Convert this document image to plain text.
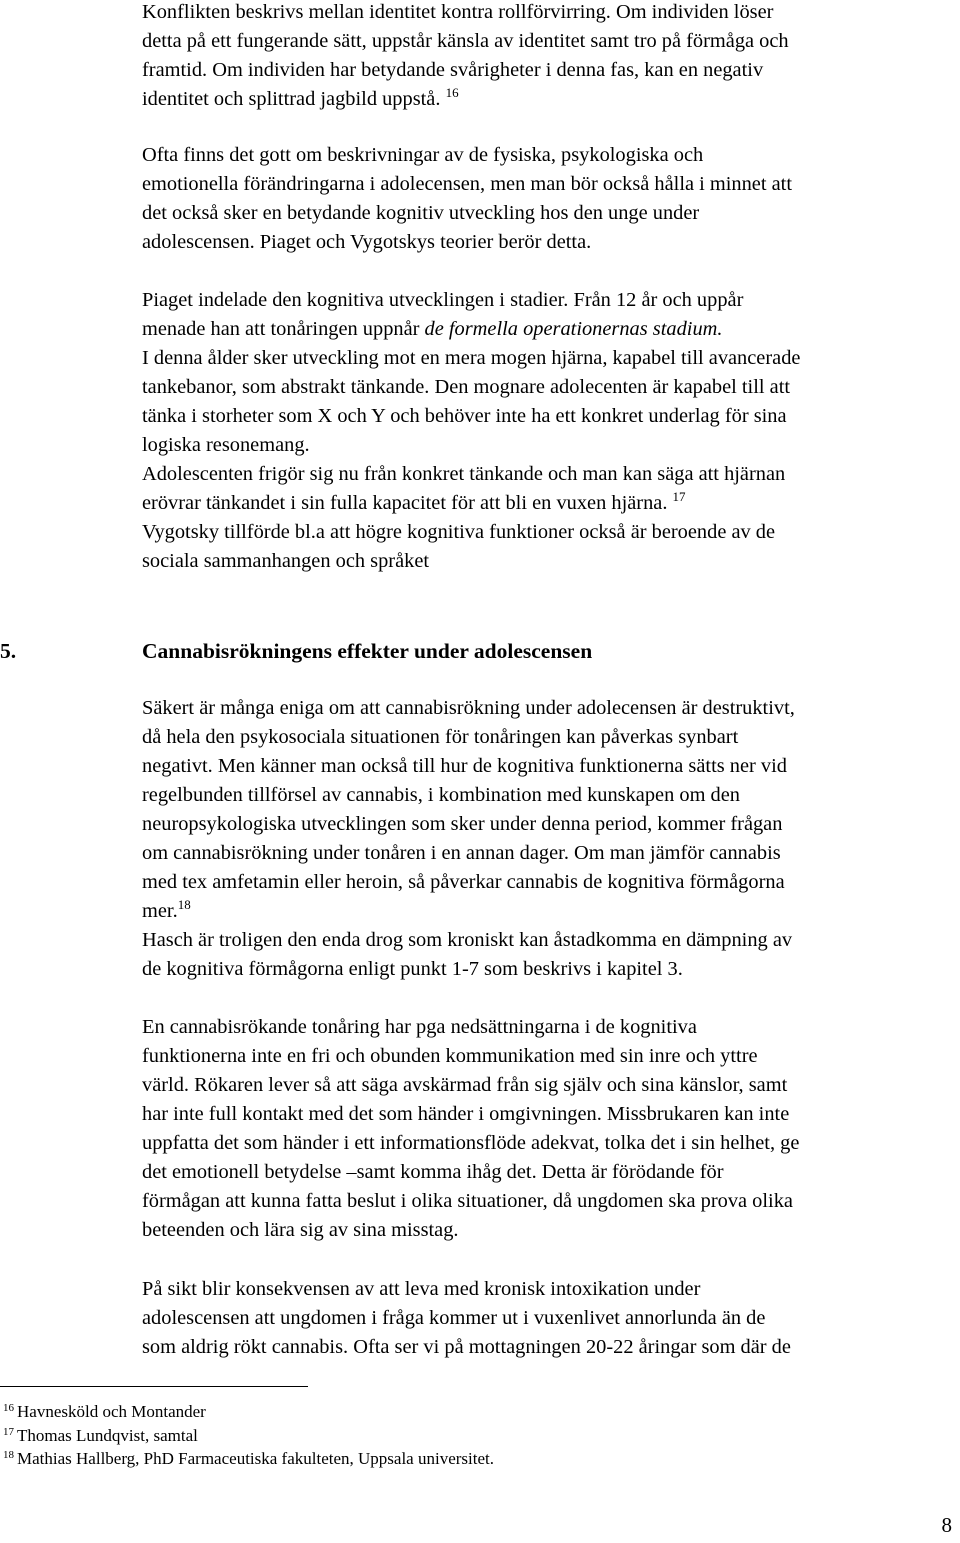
Konflikten beskrivs mellan identitet kontra rollförvirring. Om individen löser
detta på ett fungerande sätt, uppstår känsla av identitet samt tro på förmåga och
framtid. Om individen har betydande svårigheter i denna fas, kan en negativ
identitet och splittrad jagbild uppstå. $^{16}$
Ofta finns det gott om beskrivningar av de fysiska, psykologiska och
emotionella förändringarna i adolecensen, men man bör också hålla i minnet att
det också sker en betydande kognitiv utveckling hos den unge under
adolescensen. Piaget och Vygotskys teorier berör detta.
Piaget indelade den kognitiva utvecklingen i stadier. Från 12 år och uppår
menade han att tonåringen uppnår de formella operationernas stadium.
I denna ålder sker utveckling mot en mera mogen hjärna, kapabel till avancerade
tankebanor, som abstrakt tänkande. Den mognare adolecenten är kapabel till att
tänka i storheter som X och Y och behöver inte ha ett konkret underlag för sina
logiska resonemang.
Adolescenten frigör sig nu från konkret tänkande och man kan säga att hjärnan
erövrar tänkandet i sin fulla kapacitet för att bli en vuxen hjärna. $^{17}$
Vygotsky tillförde bl.a att högre kognitiva funktioner också är beroende av de
sociala sammanhangen och språket
5.	Cannabisrökningens effekter under adolescensen
Säkert är många eniga om att cannabisrökning under adolecensen är destruktivt,
då hela den psykosociala situationen för tonåringen kan påverkas synbart
negativt. Men känner man också till hur de kognitiva funktionerna sätts ner vid
regelbunden tillförsel av cannabis, i kombination med kunskapen om den
neuropsykologiska utvecklingen som sker under denna period, kommer frågan
om cannabisrökning under tonåren i en annan dager. Om man jämför cannabis
med tex amfetamin eller heroin, så påverkar cannabis de kognitiva förmågorna
mer.$^{18}$
Hasch är troligen den enda drog som kroniskt kan åstadkomma en dämpning av
de kognitiva förmågorna enligt punkt 1-7 som beskrivs i kapitel 3.
En cannabisrökande tonåring har pga nedsättningarna i de kognitiva
funktionerna inte en fri och obunden kommunikation med sin inre och yttre
värld. Rökaren lever så att säga avskärmad från sig själv och sina känslor, samt
har inte full kontakt med det som händer i omgivningen. Missbrukaren kan inte
uppfatta det som händer i ett informationsflöde adekvat, tolka det i sin helhet, ge
det emotionell betydelse –samt komma ihåg det. Detta är förödande för
förmågan att kunna fatta beslut i olika situationer, då ungdomen ska prova olika
beteenden och lära sig av sina misstag.
På sikt blir konsekvensen av att leva med kronisk intoxikation under
adolescensen att ungdomen i fråga kommer ut i vuxenlivet annorlunda än de
som aldrig rökt cannabis. Ofta ser vi på mottagningen 20-22 åringar som där de
$^{16}$ Havnesköld och Montander
$^{17}$ Thomas Lundqvist, samtal
$^{18}$ Mathias Hallberg, PhD Farmaceutiska fakulteten, Uppsala universitet.
8
